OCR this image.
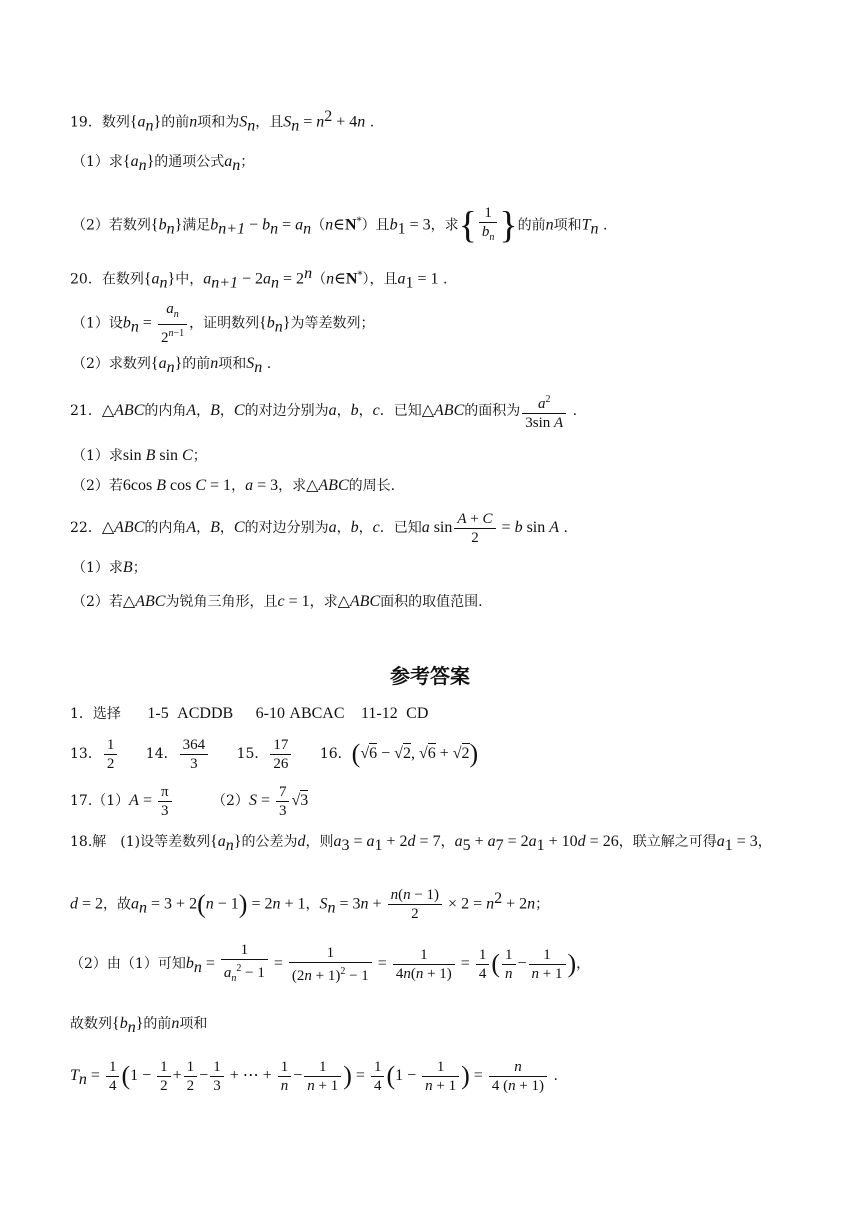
19．数列$\{a_n\}$的前n项和为$S_n$，且$S_n = n^2 + 4n$ .
（1）求$\{a_n\}$的通项公式$a_n$；
（2）若数列$\{b_n\}$满足$b_{n+1} - b_n$ = $a_n(n\in N^*)$且$b_1 = 3$，求{ $\frac{1}{b_n}$ }的前n项和$T_n$ .
20．在数列$\{a_n\}$中，$a_{n+1} - 2a_n$ = $2^n(n\in N^*)$，且$a_1 = 1$ .
（1）设$b_n = \frac{a_n}{2^{n-1}}$ ，证明数列$\{b_n\}$为等差数列；
（2）求数列$\{a_n\}$的前n项和$S_n$ .
21．△ABC的内角A，B，C的对边分别为a，b，c．已知△ABC的面积为 $\frac{a^2}{\text{3sin A}}$ .
（1）求sin B sin C；
（2）若6cos B cos C = 1，a = 3，求△ABC的周长.
22．△ABC的内角A，B，C的对边分别为a，b，c．已知a $\sin \frac{A + C}{2} = b$ sin A .
（1）求B；
（2）若△ABC为锐角三角形，且c = 1，求△ABC面积的取值范围.
参考答案
1．选择 1-5 ACDDB 6-10 ABCAC 11-12 CD
13． $\frac{1}{2} 14$． $\frac{364}{3} 15$． $\frac{17}{26} 16$．(√6 − √2, √6 + √2)
$17.(1)A = \frac{\pi}{3}$	$(2)S = \frac{7}{3} √3$
18.解　(1)设等差数列$\{a_n\}$的公差为d，则$a_3 = a_1 + 2d = 7$，$a_5 + a_7 = 2a_1 + 10d = 26$，联立解之可得$a_1 = 3$，
d = 2，故$a_n = 3 + 2(n - 1) = 2n + 1$，$S_n = 3n + \frac{n(n - 1)}{2} \times 2 = n^2 + 2n$；
（2）由（1）可知$b_n = \frac{1}{a_n^2 - 1} = \frac{1}{(2n + 1)^2 - 1} = \frac{1}{4n(n + 1)} = \frac{1}{4}$ ( $\frac{1}{n} - \frac{1}{n + 1}$ )，
故数列$\{b_n\}$的前n项和
$T_n = \frac{1}{4} (1 - \frac{1}{2} + \frac{1}{2} - \frac{1}{3}$ + ⋯ + $\frac{1}{n} - \frac{1}{n + 1}$ ) = $\frac{1}{4} (1 - \frac{1}{n + 1}$ ) = $\frac{n}{4 (n + 1)}$ .
